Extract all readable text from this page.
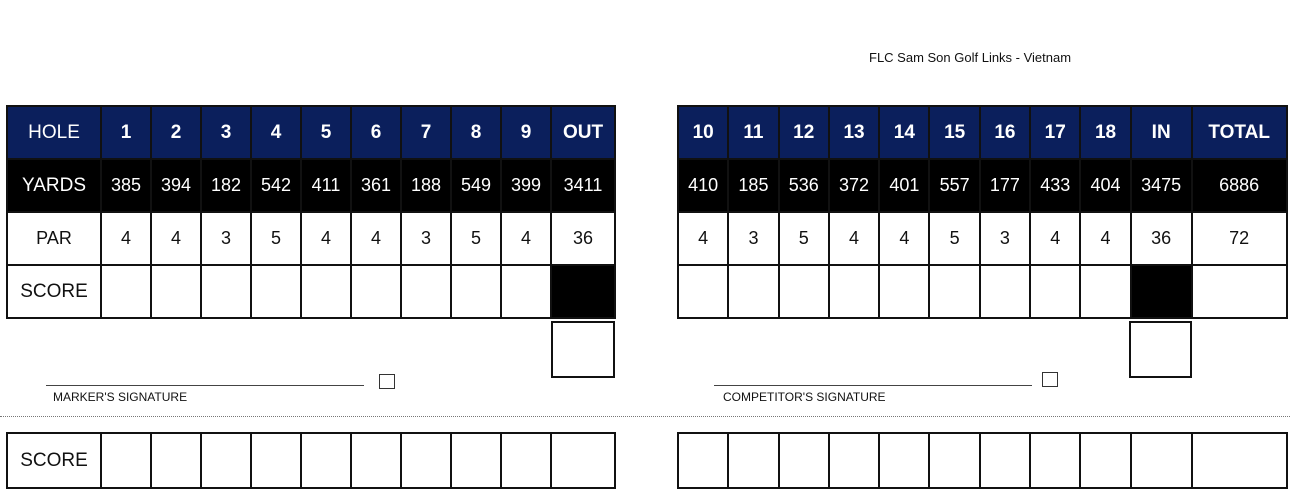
FLC Sam Son Golf Links - Vietnam
HOLE	1	2	3	4	5	6	7	8	9	OUT
YARDS	385	394	182	542	411	361	188	549	399	3411
PAR	4	4	3	5	4	4	3	5	4	36
SCORE										
10	11	12	13	14	15	16	17	18	IN	TOTAL
410	185	536	372	401	557	177	433	404	3475	6886
4	3	5	4	4	5	3	4	4	36	72

MARKER'S SIGNATURE	COMPETITOR'S SIGNATURE
SCORE										
